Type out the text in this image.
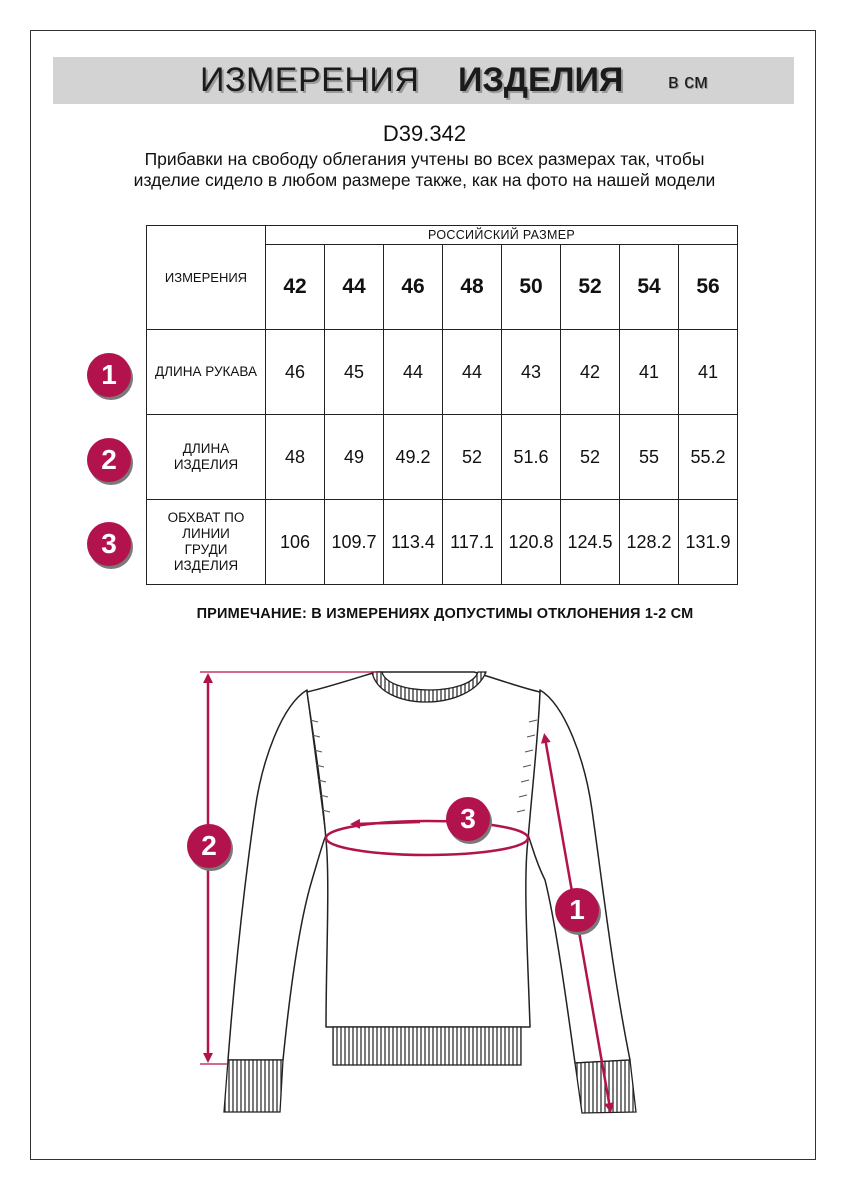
ИЗМЕРЕНИЯ ИЗДЕЛИЯ в см
D39.342
Прибавки на свободу облегания учтены во всех размерах так, чтобы изделие сидело в любом размере также, как на фото на нашей модели
ИЗМЕРЕНИЯ	РОССИЙСКИЙ РАЗМЕР							
	42	44	46	48	50	52	54	56
ДЛИНА РУКАВА	46	45	44	44	43	42	41	41
ДЛИНА ИЗДЕЛИЯ	48	49	49.2	52	51.6	52	55	55.2
ОБХВАТ ПО ЛИНИИ ГРУДИ ИЗДЕЛИЯ	106	109.7	113.4	117.1	120.8	124.5	128.2	131.9
1
2
3
ПРИМЕЧАНИЕ: В ИЗМЕРЕНИЯХ ДОПУСТИМЫ ОТКЛОНЕНИЯ 1-2 СМ
2
3
1
